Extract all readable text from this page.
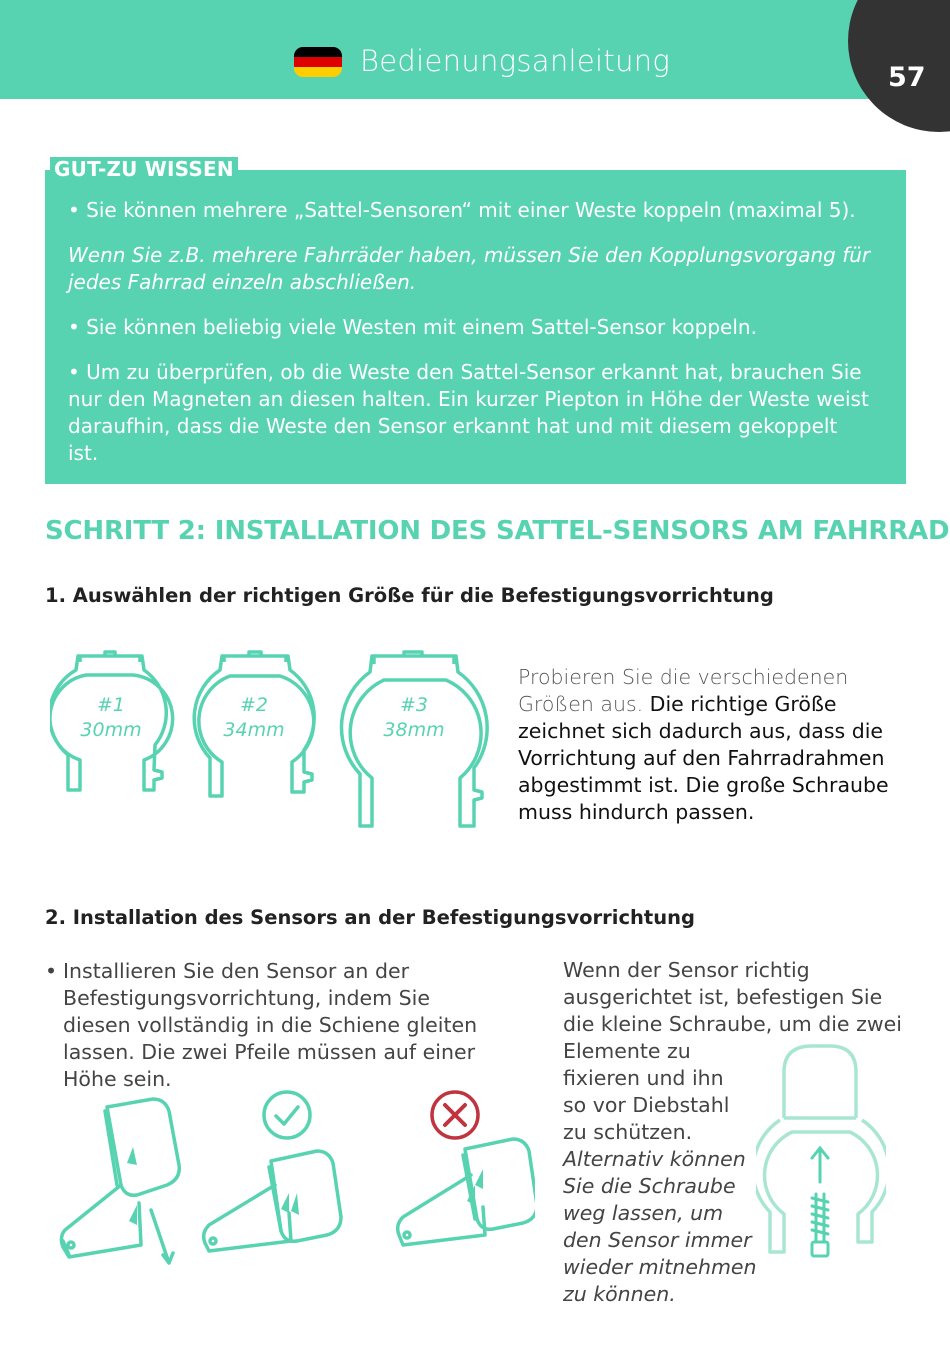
Bedienungsanleitung	57
GUT-ZU WISSEN

• Sie können mehrere „Sattel-Sensoren“ mit einer Weste koppeln (maximal 5).

Wenn Sie z.B. mehrere Fahrräder haben, müssen Sie den Kopplungsvorgang für

jedes Fahrrad einzeln abschließen.

• Sie können beliebig viele Westen mit einem Sattel-Sensor koppeln.

• Um zu überprüfen, ob die Weste den Sattel-Sensor erkannt hat, brauchen Sie

nur den Magneten an diesen halten. Ein kurzer Piepton in Höhe der Weste weist

daraufhin, dass die Weste den Sensor erkannt hat und mit diesem gekoppelt

ist.

SCHRITT 2: INSTALLATION DES SATTEL-SENSORS AM FAHRRAD
1. Auswählen der richtigen Größe für die Befestigungsvorrichtung
#1
30mm
#2
34mm
#3
38mm

Probieren Sie die verschiedenen
Größen aus. Die richtige Größe
zeichnet sich dadurch aus, dass die
Vorrichtung auf den Fahrradrahmen
abgestimmt ist. Die große Schraube
muss hindurch passen.

2. Installation des Sensors an der Befestigungsvorrichtung
• Installieren Sie den Sensor an der
Befestigungsvorrichtung, indem Sie
diesen vollständig in die Schiene gleiten
lassen. Die zwei Pfeile müssen auf einer
Höhe sein.

Wenn der Sensor richtig

ausgerichtet ist, befestigen Sie

die kleine Schraube, um die zwei

Elemente zu

fixieren und ihn

so vor Diebstahl

zu schützen.

Alternativ können

Sie die Schraube

weg lassen, um

den Sensor immer

wieder mitnehmen

zu können.
